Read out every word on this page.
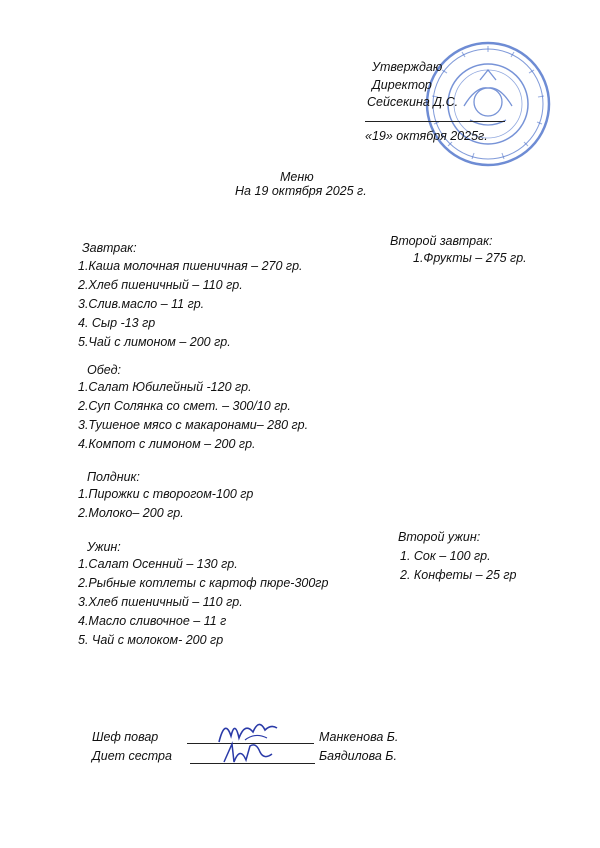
Утверждаю
Директор
Сейсекина Д.С.
«19» октября 2025г.
Меню
На 19 октября 2025 г.
Завтрак:
1.Каша молочная пшеничная – 270 гр.
2.Хлеб пшеничный – 110 гр.
3.Слив.масло – 11 гр.
4. Сыр -13 гр
5.Чай с лимоном – 200 гр.
Второй завтрак:
1.Фрукты – 275 гр.
Обед:
1.Салат Юбилейный -120 гр.
2.Суп Солянка со смет. – 300/10 гр.
3.Тушеное мясо с макаронами– 280 гр.
4.Компот с лимоном – 200 гр.
Полдник:
1.Пирожки с творогом-100 гр
2.Молоко– 200 гр.
Ужин:
1.Салат Осенний – 130 гр.
2.Рыбные котлеты с картоф пюре-300гр
3.Хлеб пшеничный – 110 гр.
4.Масло сливочное – 11 г
5. Чай с молоком- 200 гр
Второй ужин:
1. Сок – 100 гр.
2. Конфеты – 25 гр
Шеф повар	Манкенова Б.
Диет сестра	Баядилова Б.
